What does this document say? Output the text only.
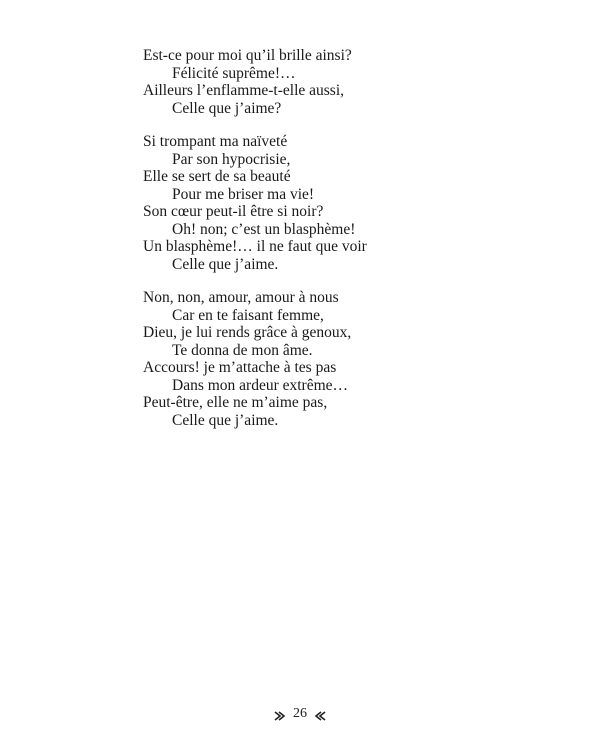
Est-ce pour moi qu’il brille ainsi?
Félicité suprême!…
Ailleurs l’enflamme-t-elle aussi,
Celle que j’aime?
Si trompant ma naïveté
Par son hypocrisie,
Elle se sert de sa beauté
Pour me briser ma vie!
Son cœur peut-il être si noir?
Oh! non; c’est un blasphème!
Un blasphème!… il ne faut que voir
Celle que j’aime.
Non, non, amour, amour à nous
Car en te faisant femme,
Dieu, je lui rends grâce à genoux,
Te donna de mon âme.
Accours! je m’attache à tes pas
Dans mon ardeur extrême…
Peut-être, elle ne m’aime pas,
Celle que j’aime.
26
